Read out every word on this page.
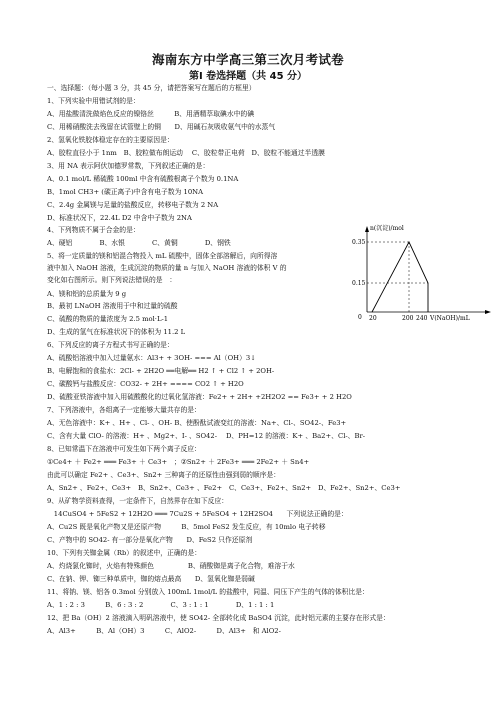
海南东方中学高三第三次月考试卷
第Ⅰ 卷选择题（共 45 分）
一、选择题：（每小题 3 分，共 45 分，请把答案写在题后的方框里）
1、下列实验中用错试剂的是：
A、用盐酸清洗做焰色反应的镍铬丝　　　B、用酒精萃取碘水中的碘
C、用稀硝酸洗去残留在试管壁上的铜　　D、用碱石灰吸收氨气中的水蒸气
2、氢氧化铁胶体稳定存在的主要原因是：
A、胶粒直径小于 1nm　B、胶粒做布朗运动　 C、胶粒带正电荷　D、胶粒不能通过半透膜
3、用 NA 表示阿伏加德罗常数，下列叙述正确的是：
A、0.1 mol/L 稀硫酸 100ml 中含有硫酸根离子个数为 0.1NA
B、1mol CH3+ (碳正离子)中含有电子数为 10NA
C、2.4g 金属镁与足量的盐酸反应，转移电子数为 2 NA
D、标准状况下，22.4L D2 中含中子数为 2NA
4、下列物质不属于合金的是：
A、硬铝　　　　B、水银　　　　C、黄铜　　　　D、钢铁
5、将一定质量的镁和铝混合物投入 mL 硫酸中，固体全部溶解后，向所得溶
液中加入 NaOH 溶液，生成沉淀的物质的量 n 与加入 NaOH 溶液的体积 V 的
变化如右图所示。则下列说法错误的是　：
A、镁和铝的总质量为 9 g
B、最初 LNaOH 溶液用于中和过量的硫酸
C、硫酸的物质的量浓度为 2.5 mol·L-1
D、生成的氢气在标准状况下的体积为 11.2 L
6、下列反应的离子方程式书写正确的是：
A、硫酸铝溶液中加入过量氨水：Al3+ + 3OH- === Al（OH）3↓
B、电解饱和的食盐水：2Cl- + 2H2O ══电解══ H2 ↑ + Cl2 ↑ + 2OH-
C、碳酸钙与盐酸反应：CO32- + 2H+ ==== CO2 ↑ + H2O
D、硫酸亚铁溶液中加入用硫酸酸化的过氧化氢溶液：Fe2+ + 2H+ +2H2O2 == Fe3+ + 2 H2O
7、下列溶液中，各组离子一定能够大量共存的是：
A、无色溶液中：K+ 、H+ 、Cl- 、OH- B、使酚酞试液变红的溶液：Na+、Cl-、SO42-、Fe3+
C、含有大量 ClO- 的溶液：H+ 、Mg2+、I- 、SO42-　 D、PH=12 的溶液：K+ 、Ba2+、Cl-、Br-
8、已知常温下在溶液中可发生如下两个离子反应：
①Ce4+ ＋ Fe2+ ═══ Fe3+ ＋ Ce3+　；②Sn2+ ＋ 2Fe3+ ═══ 2Fe2+ ＋ Sn4+
由此可以确定 Fe2+ 、Ce3+、Sn2+ 三种离子的还原性由强到弱的顺序是：
A、Sn2+ 、Fe2+、Ce3+　B、Sn2+、Ce3+ 、Fe2+　C、Ce3+、Fe2+、Sn2+　D、Fe2+、Sn2+、Ce3+
9、从矿物学资料查得，一定条件下，自然界存在如下反应：
　14CuSO4 + 5FeS2 + 12H2O ═══ 7Cu2S + 5FeSO4 + 12H2SO4　　下列说法正确的是：
A、Cu2S 既是氧化产物又是还原产物　　　B、5mol FeS2 发生反应，有 10mlo 电子转移
C、产物中的 SO42- 有一部分是氧化产物　　D、FeS2 只作还原剂
10、下列有关铷金属（Rb）的叙述中，正确的是：
A、灼烧氯化铷时，火焰有特殊颜色　　　　　B、硝酸铷是离子化合物，难溶于水
C、在钠、钾、铷三种单质中，铷的熔点最高　　D、氢氧化铷是弱碱
11、将钠、镁、铝各 0.3mol 分别放入 100mL 1mol/L 的盐酸中，同温、同压下产生的气体的体积比是：
A、1 : 2 : 3　　　B、6 : 3 : 2　　　　C、3 : 1 : 1　　　　D、1 : 1 : 1
12、把 Ba（OH）2 溶液滴入明矾溶液中，使 SO42- 全部转化成 BaSO4 沉淀，此时铝元素的主要存在形式是：
A、Al3+　　　B、Al（OH）3　　　C、AlO2-　　　D、Al3+　和 AlO2-
n(沉淀)/mol
0.35
0.15
0 20	200 240 V(NaOH)/mL
